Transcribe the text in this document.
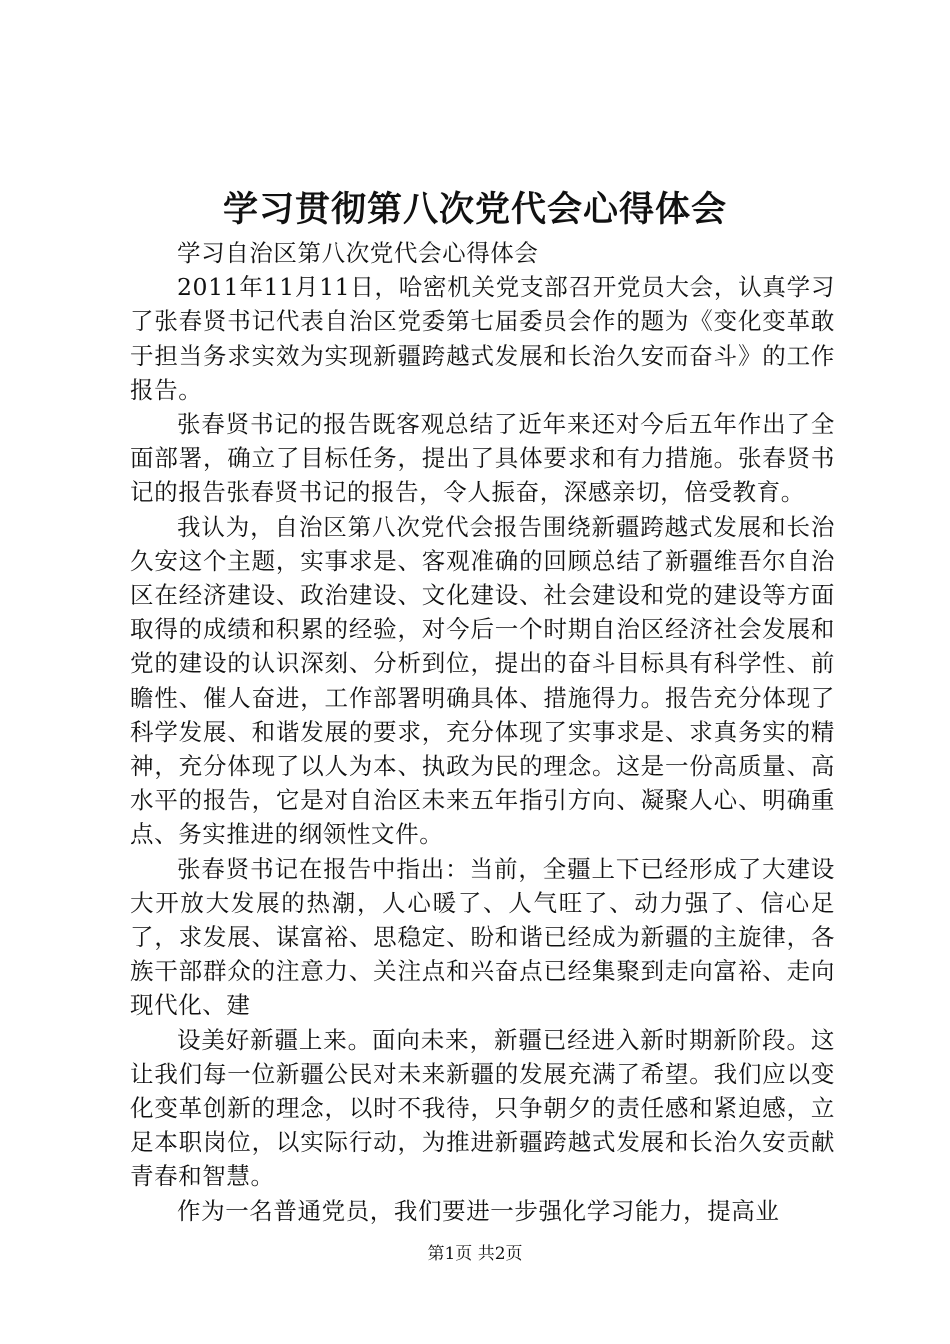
学习贯彻第八次党代会心得体会

学习自治区第八次党代会心得体会

2011年11月11日，哈密机关党支部召开党员大会，认真学习了张春贤书记代表自治区党委第七届委员会作的题为《变化变革敢于担当务求实效为实现新疆跨越式发展和长治久安而奋斗》的工作报告。

张春贤书记的报告既客观总结了近年来还对今后五年作出了全面部署，确立了目标任务，提出了具体要求和有力措施。张春贤书记的报告张春贤书记的报告，令人振奋，深感亲切，倍受教育。

我认为，自治区第八次党代会报告围绕新疆跨越式发展和长治久安这个主题，实事求是、客观准确的回顾总结了新疆维吾尔自治区在经济建设、政治建设、文化建设、社会建设和党的建设等方面取得的成绩和积累的经验，对今后一个时期自治区经济社会发展和党的建设的认识深刻、分析到位，提出的奋斗目标具有科学性、前瞻性、催人奋进，工作部署明确具体、措施得力。报告充分体现了科学发展、和谐发展的要求，充分体现了实事求是、求真务实的精神，充分体现了以人为本、执政为民的理念。这是一份高质量、高水平的报告，它是对自治区未来五年指引方向、凝聚人心、明确重点、务实推进的纲领性文件。

张春贤书记在报告中指出：当前，全疆上下已经形成了大建设大开放大发展的热潮，人心暖了、人气旺了、动力强了、信心足了，求发展、谋富裕、思稳定、盼和谐已经成为新疆的主旋律，各族干部群众的注意力、关注点和兴奋点已经集聚到走向富裕、走向现代化、建

设美好新疆上来。面向未来，新疆已经进入新时期新阶段。这让我们每一位新疆公民对未来新疆的发展充满了希望。我们应以变化变革创新的理念，以时不我待，只争朝夕的责任感和紧迫感，立足本职岗位，以实际行动，为推进新疆跨越式发展和长治久安贡献青春和智慧。

作为一名普通党员，我们要进一步强化学习能力，提高业

第1页 共2页
